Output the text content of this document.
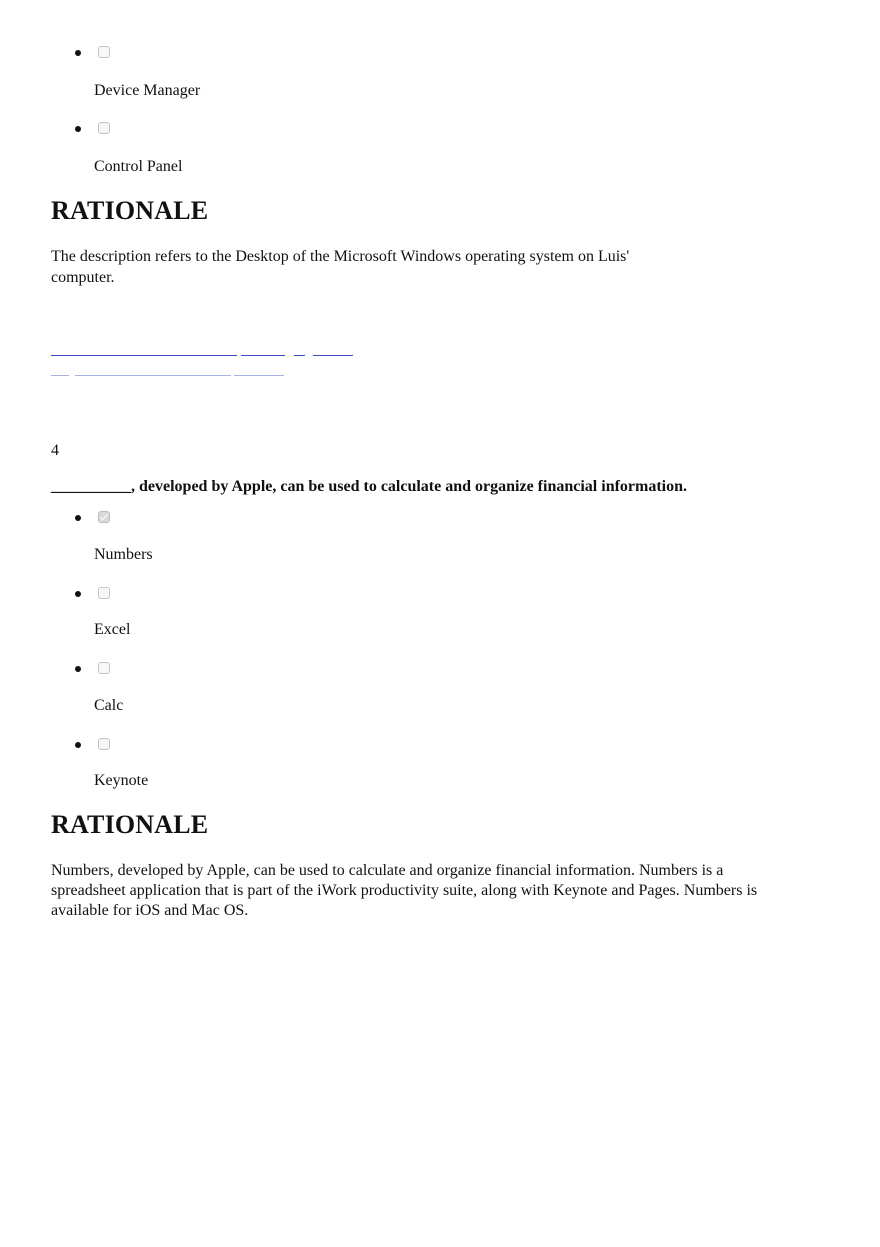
Device Manager
Control Panel
RATIONALE

The description refers to the Desktop of the Microsoft Windows operating system on Luis'

computer.

4
__________, developed by Apple, can be used to calculate and organize financial information.
Numbers
Excel
Calc
Keynote
RATIONALE

Numbers, developed by Apple, can be used to calculate and organize financial information. Numbers is a

spreadsheet application that is part of the iWork productivity suite, along with Keynote and Pages. Numbers is

available for iOS and Mac OS.
